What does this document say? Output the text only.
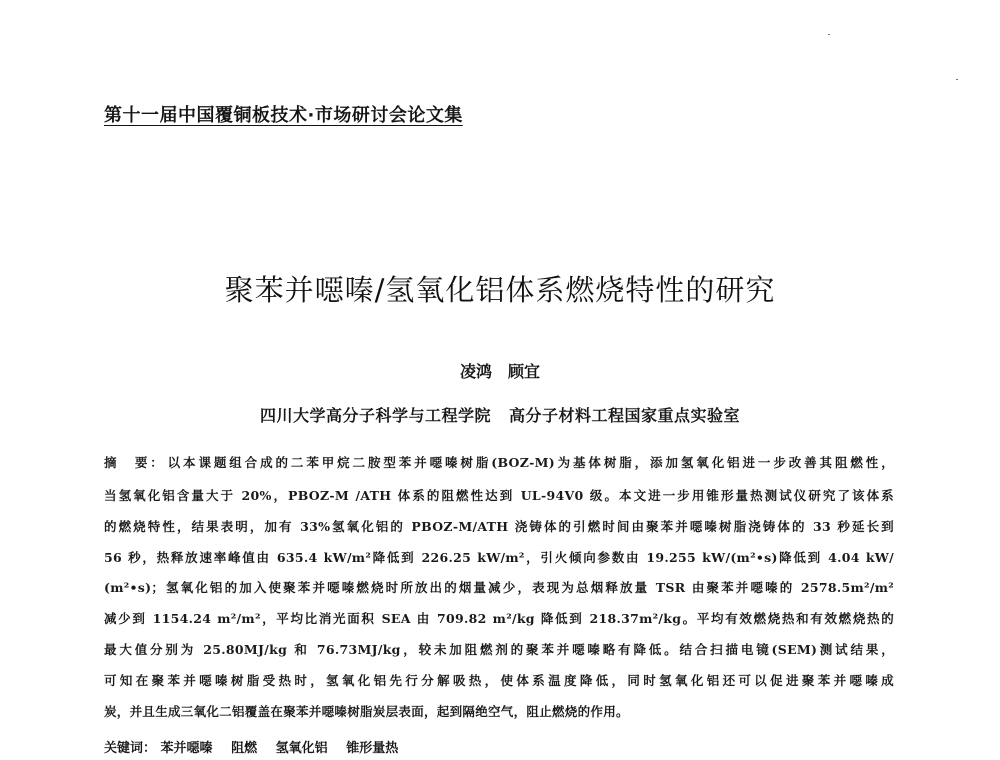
第十一届中国覆铜板技术·市场研讨会论文集
聚苯并噁嗪/氢氧化铝体系燃烧特性的研究
凌鸿 顾宜
四川大学高分子科学与工程学院 高分子材料工程国家重点实验室
摘　要： 以本课题组合成的二苯甲烷二胺型苯并噁嗪树脂(BOZ-M)为基体树脂，添加氢氧化铝进一步改善其阻燃性，
当氢氧化铝含量大于 20%，PBOZ-M /ATH 体系的阻燃性达到 UL-94V0 级。本文进一步用锥形量热测试仪研究了该体系
的燃烧特性，结果表明，加有 33%氢氧化铝的 PBOZ-M/ATH 浇铸体的引燃时间由聚苯并噁嗪树脂浇铸体的 33 秒延长到
56 秒，热释放速率峰值由 635.4 kW/m²降低到 226.25 kW/m²，引火倾向参数由 19.255 kW/(m²•s)降低到 4.04 kW/
(m²•s)；氢氧化铝的加入使聚苯并噁嗪燃烧时所放出的烟量减少，表现为总烟释放量 TSR 由聚苯并噁嗪的 2578.5m²/m²
减少到 1154.24 m²/m²，平均比消光面积 SEA 由 709.82 m²/kg 降低到 218.37m²/kg。平均有效燃烧热和有效燃烧热的
最大值分别为 25.80MJ/kg 和 76.73MJ/kg，较未加阻燃剂的聚苯并噁嗪略有降低。结合扫描电镜(SEM)测试结果，
可知在聚苯并噁嗪树脂受热时，氢氧化铝先行分解吸热，使体系温度降低，同时氢氧化铝还可以促进聚苯并噁嗪成
炭，并且生成三氧化二铝覆盖在聚苯并噁嗪树脂炭层表面，起到隔绝空气，阻止燃烧的作用。
关键词： 苯并噁嗪 阻燃 氢氧化铝 锥形量热
